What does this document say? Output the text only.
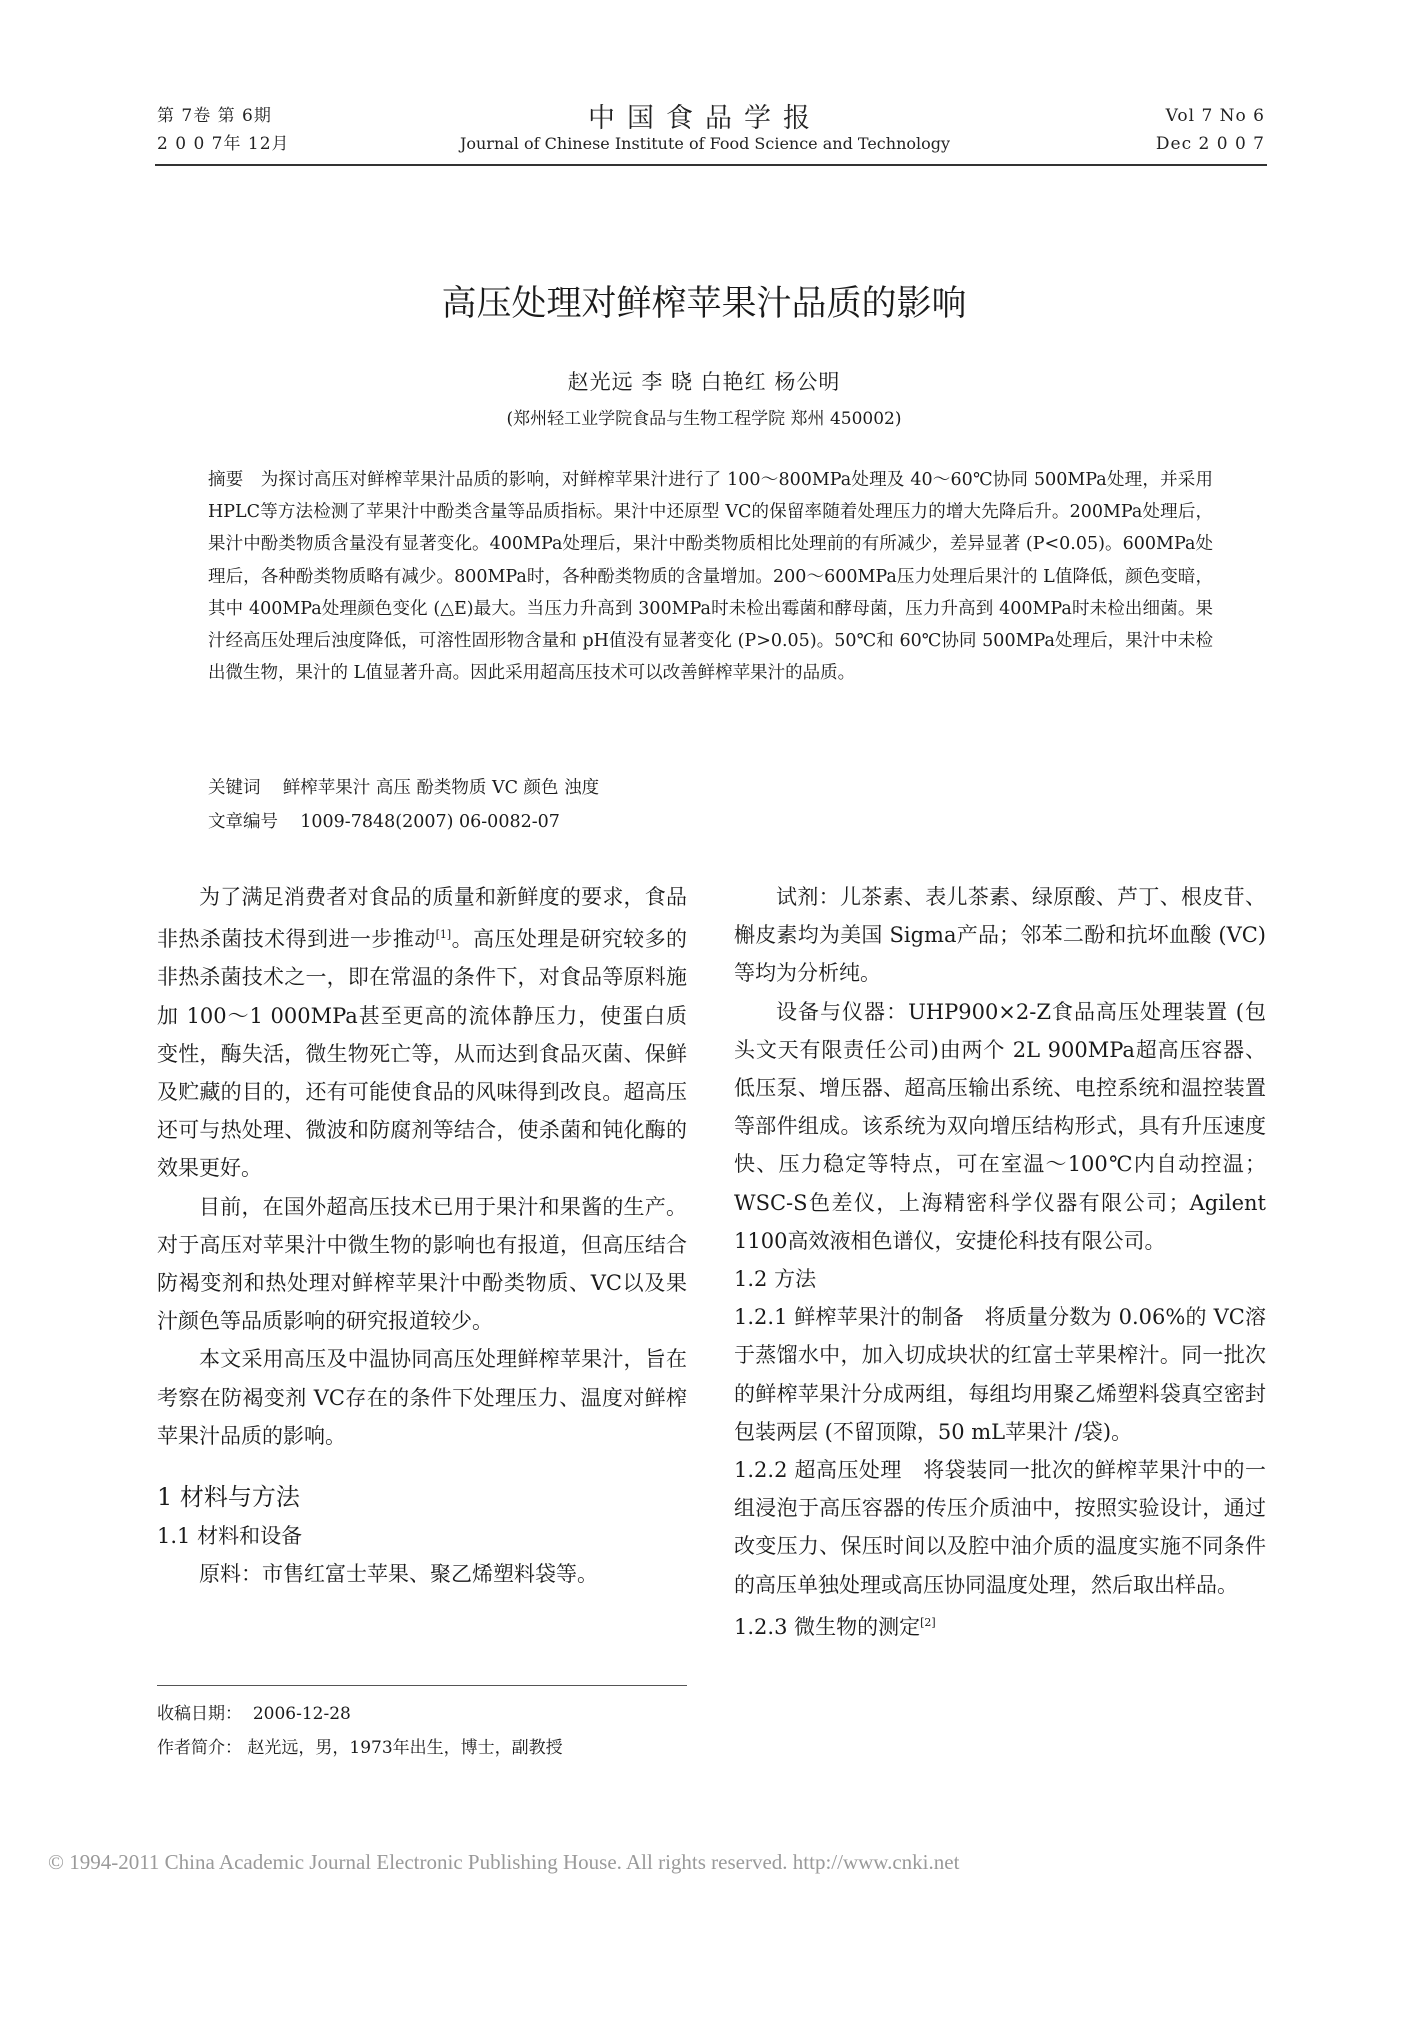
第 7卷 第 6期
2 0 0 7年 12月
中国食品学报
Journal of Chinese Institute of Food Science and Technology
Vol 7 No 6
Dec 2 0 0 7
高压处理对鲜榨苹果汁品质的影响
赵光远 李 晓 白艳红 杨公明
(郑州轻工业学院食品与生物工程学院 郑州 450002)
摘要 为探讨高压对鲜榨苹果汁品质的影响，对鲜榨苹果汁进行了 100～800MPa处理及 40～60℃协同 500MPa处理，并采用 HPLC等方法检测了苹果汁中酚类含量等品质指标。果汁中还原型 VC的保留率随着处理压力的增大先降后升。200MPa处理后，果汁中酚类物质含量没有显著变化。400MPa处理后，果汁中酚类物质相比处理前的有所减少，差异显著 (P<0.05)。600MPa处理后，各种酚类物质略有减少。800MPa时，各种酚类物质的含量增加。200～600MPa压力处理后果汁的 L值降低，颜色变暗，其中 400MPa处理颜色变化 (△E)最大。当压力升高到 300MPa时未检出霉菌和酵母菌，压力升高到 400MPa时未检出细菌。果汁经高压处理后浊度降低，可溶性固形物含量和 pH值没有显著变化 (P>0.05)。50℃和 60℃协同 500MPa处理后，果汁中未检出微生物，果汁的 L值显著升高。因此采用超高压技术可以改善鲜榨苹果汁的品质。
关键词 鲜榨苹果汁 高压 酚类物质 VC 颜色 浊度
文章编号 1009-7848(2007) 06-0082-07

为了满足消费者对食品的质量和新鲜度的要求，食品非热杀菌技术得到进一步推动[1]。高压处理是研究较多的非热杀菌技术之一，即在常温的条件下，对食品等原料施加 100～1 000MPa甚至更高的流体静压力，使蛋白质变性，酶失活，微生物死亡等，从而达到食品灭菌、保鲜及贮藏的目的，还有可能使食品的风味得到改良。超高压还可与热处理、微波和防腐剂等结合，使杀菌和钝化酶的效果更好。

目前，在国外超高压技术已用于果汁和果酱的生产。对于高压对苹果汁中微生物的影响也有报道，但高压结合防褐变剂和热处理对鲜榨苹果汁中酚类物质、VC以及果汁颜色等品质影响的研究报道较少。

本文采用高压及中温协同高压处理鲜榨苹果汁，旨在考察在防褐变剂 VC存在的条件下处理压力、温度对鲜榨苹果汁品质的影响。

1 材料与方法

1.1 材料和设备

原料：市售红富士苹果、聚乙烯塑料袋等。

收稿日期： 2006-12-28
作者简介： 赵光远，男，1973年出生，博士，副教授

试剂：儿茶素、表儿茶素、绿原酸、芦丁、根皮苷、槲皮素均为美国 Sigma产品；邻苯二酚和抗坏血酸 (VC)等均为分析纯。

设备与仪器：UHP900×2-Z食品高压处理装置 (包头文天有限责任公司)由两个 2L 900MPa超高压容器、低压泵、增压器、超高压输出系统、电控系统和温控装置等部件组成。该系统为双向增压结构形式，具有升压速度快、压力稳定等特点，可在室温～100℃内自动控温；WSC-S色差仪，上海精密科学仪器有限公司；Agilent 1100高效液相色谱仪，安捷伦科技有限公司。

1.2 方法

1.2.1 鲜榨苹果汁的制备 将质量分数为 0.06%的 VC溶于蒸馏水中，加入切成块状的红富士苹果榨汁。同一批次的鲜榨苹果汁分成两组，每组均用聚乙烯塑料袋真空密封包装两层 (不留顶隙，50 mL苹果汁 /袋)。

1.2.2 超高压处理 将袋装同一批次的鲜榨苹果汁中的一组浸泡于高压容器的传压介质油中，按照实验设计，通过改变压力、保压时间以及腔中油介质的温度实施不同条件的高压单独处理或高压协同温度处理，然后取出样品。

1.2.3 微生物的测定[2]

© 1994-2011 China Academic Journal Electronic Publishing House. All rights reserved. http://www.cnki.net
